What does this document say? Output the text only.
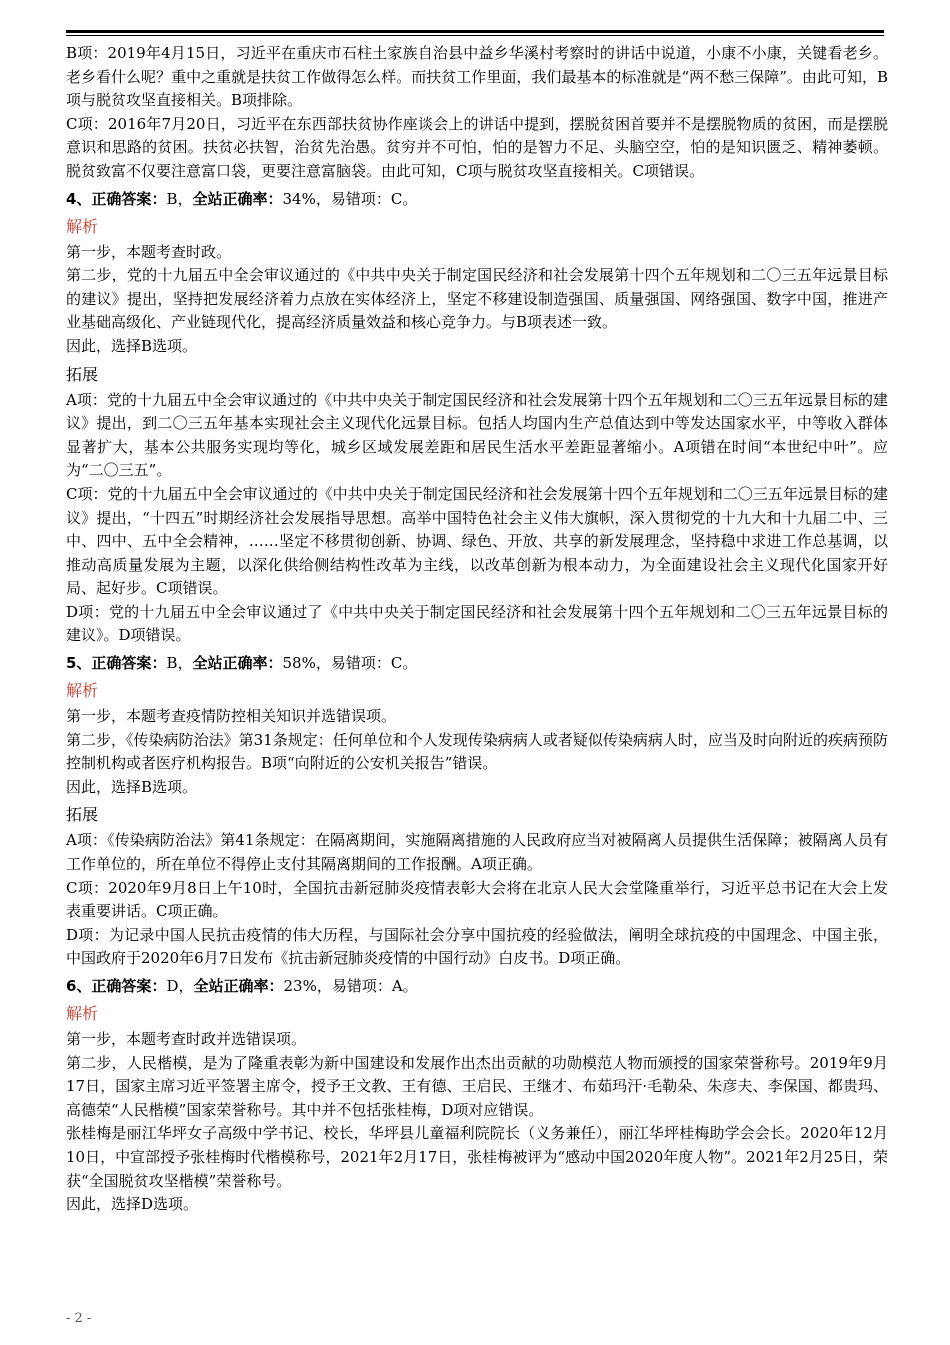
B项：2019年4月15日，习近平在重庆市石柱土家族自治县中益乡华溪村考察时的讲话中说道，小康不小康，关键看老乡。老乡看什么呢？重中之重就是扶贫工作做得怎么样。而扶贫工作里面，我们最基本的标准就是“两不愁三保障”。由此可知，B项与脱贫攻坚直接相关。B项排除。

C项：2016年7月20日，习近平在东西部扶贫协作座谈会上的讲话中提到，摆脱贫困首要并不是摆脱物质的贫困，而是摆脱意识和思路的贫困。扶贫必扶智，治贫先治愚。贫穷并不可怕，怕的是智力不足、头脑空空，怕的是知识匮乏、精神萎顿。脱贫致富不仅要注意富口袋，更要注意富脑袋。由此可知，C项与脱贫攻坚直接相关。C项错误。

4、正确答案：B，全站正确率：34%，易错项：C。
解析

第一步，本题考查时政。

第二步，党的十九届五中全会审议通过的《中共中央关于制定国民经济和社会发展第十四个五年规划和二〇三五年远景目标的建议》提出，坚持把发展经济着力点放在实体经济上，坚定不移建设制造强国、质量强国、网络强国、数字中国，推进产业基础高级化、产业链现代化，提高经济质量效益和核心竞争力。与B项表述一致。

因此，选择B选项。

拓展

A项：党的十九届五中全会审议通过的《中共中央关于制定国民经济和社会发展第十四个五年规划和二〇三五年远景目标的建议》提出，到二〇三五年基本实现社会主义现代化远景目标。包括人均国内生产总值达到中等发达国家水平，中等收入群体显著扩大，基本公共服务实现均等化，城乡区域发展差距和居民生活水平差距显著缩小。A项错在时间“本世纪中叶”。应为“二〇三五”。

C项：党的十九届五中全会审议通过的《中共中央关于制定国民经济和社会发展第十四个五年规划和二〇三五年远景目标的建议》提出，“十四五”时期经济社会发展指导思想。高举中国特色社会主义伟大旗帜，深入贯彻党的十九大和十九届二中、三中、四中、五中全会精神，……坚定不移贯彻创新、协调、绿色、开放、共享的新发展理念，坚持稳中求进工作总基调，以推动高质量发展为主题，以深化供给侧结构性改革为主线，以改革创新为根本动力，为全面建设社会主义现代化国家开好局、起好步。C项错误。

D项：党的十九届五中全会审议通过了《中共中央关于制定国民经济和社会发展第十四个五年规划和二〇三五年远景目标的建议》。D项错误。

5、正确答案：B，全站正确率：58%，易错项：C。
解析

第一步，本题考查疫情防控相关知识并选错误项。

第二步，《传染病防治法》第31条规定：任何单位和个人发现传染病病人或者疑似传染病病人时，应当及时向附近的疾病预防控制机构或者医疗机构报告。B项“向附近的公安机关报告”错误。

因此，选择B选项。

拓展

A项：《传染病防治法》第41条规定：在隔离期间，实施隔离措施的人民政府应当对被隔离人员提供生活保障；被隔离人员有工作单位的，所在单位不得停止支付其隔离期间的工作报酬。A项正确。

C项：2020年9月8日上午10时，全国抗击新冠肺炎疫情表彰大会将在北京人民大会堂隆重举行，习近平总书记在大会上发表重要讲话。C项正确。

D项：为记录中国人民抗击疫情的伟大历程，与国际社会分享中国抗疫的经验做法，阐明全球抗疫的中国理念、中国主张，中国政府于2020年6月7日发布《抗击新冠肺炎疫情的中国行动》白皮书。D项正确。

6、正确答案：D，全站正确率：23%，易错项：A。
解析

第一步，本题考查时政并选错误项。

第二步，人民楷模，是为了隆重表彰为新中国建设和发展作出杰出贡献的功勋模范人物而颁授的国家荣誉称号。2019年9月17日，国家主席习近平签署主席令，授予王文教、王有德、王启民、王继才、布茹玛汗·毛勒朵、朱彦夫、李保国、都贵玛、高德荣“人民楷模”国家荣誉称号。其中并不包括张桂梅，D项对应错误。

张桂梅是丽江华坪女子高级中学书记、校长，华坪县儿童福利院院长（义务兼任），丽江华坪桂梅助学会会长。2020年12月10日，中宣部授予张桂梅时代楷模称号，2021年2月17日，张桂梅被评为“感动中国2020年度人物”。2021年2月25日，荣获“全国脱贫攻坚楷模”荣誉称号。

因此，选择D选项。

- 2 -
